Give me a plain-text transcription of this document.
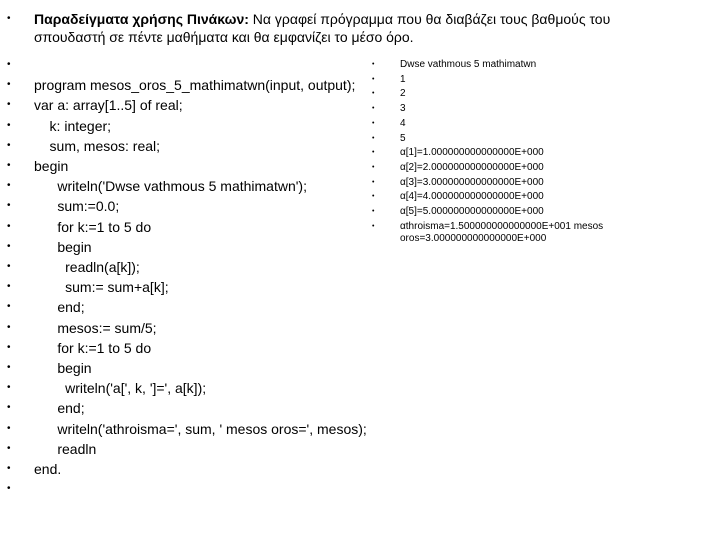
• Παραδείγματα χρήσης Πινάκων: Να γραφεί πρόγραμμα που θα διαβάζει τους βαθμούς του
σπουδαστή σε πέντε μαθήματα και θα εμφανίζει το μέσο όρο.
•
• program mesos_oros_5_mathimatwn(input, output);
• var a: array[1..5] of real;
• k: integer;
• sum, mesos: real;
• begin
• writeln('Dwse vathmous 5 mathimatwn');
• sum:=0.0;
• for k:=1 to 5 do
• begin
• readln(a[k]);
• sum:= sum+a[k];
• end;
• mesos:= sum/5;
• for k:=1 to 5 do
• begin
• writeln('a[', k, ']=', a[k]);
• end;
• writeln('athroisma=', sum, ' mesos oros=', mesos);
• readln
• end.
•
•	Dwse vathmous 5 mathimatwn
•	1
•	2
•	3
•	4
•	5
•	α[1]=1.000000000000000E+000
•	α[2]=2.000000000000000E+000
•	α[3]=3.000000000000000E+000
•	α[4]=4.000000000000000E+000
•	α[5]=5.000000000000000E+000
•	αthroisma=1.500000000000000E+001 mesos
oros=3.000000000000000E+000
